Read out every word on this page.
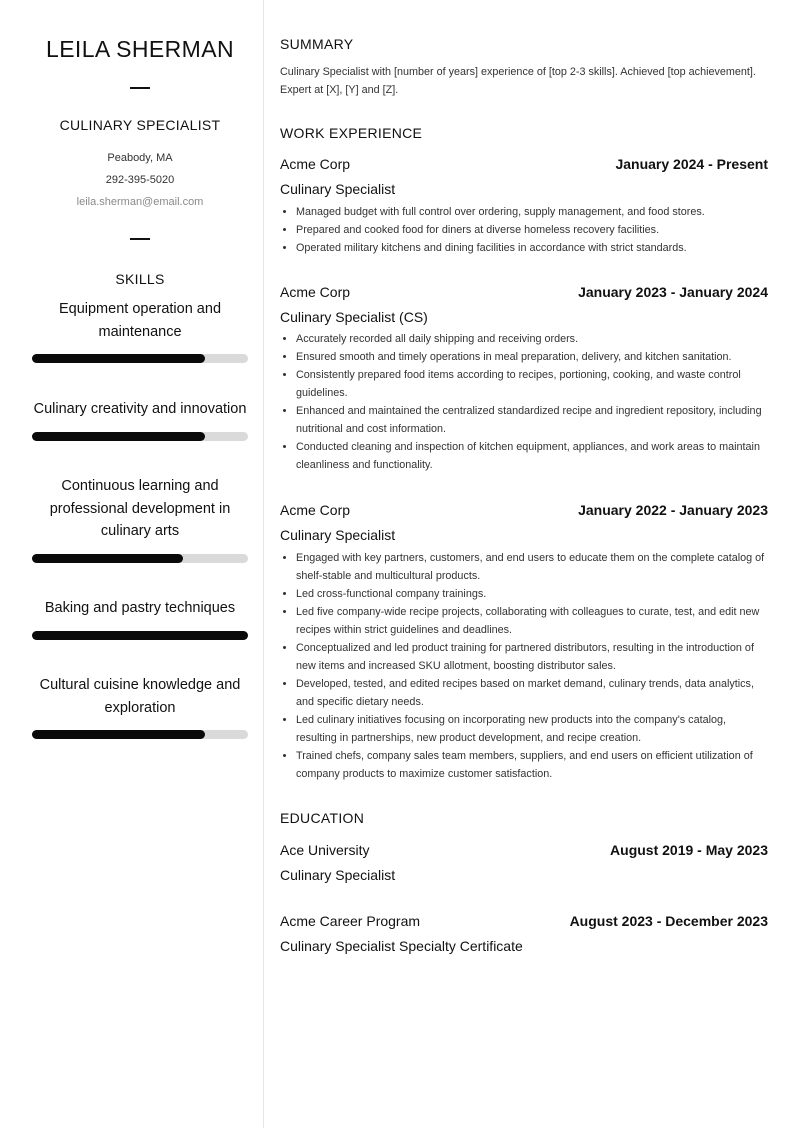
LEILA SHERMAN
CULINARY SPECIALIST
Peabody, MA
292-395-5020
leila.sherman@email.com
SKILLS
Equipment operation and maintenance
Culinary creativity and innovation
Continuous learning and professional development in culinary arts
Baking and pastry techniques
Cultural cuisine knowledge and exploration
SUMMARY
Culinary Specialist with [number of years] experience of [top 2-3 skills]. Achieved [top achievement]. Expert at [X], [Y] and [Z].
WORK EXPERIENCE
Acme Corp	January 2024 - Present
Culinary Specialist
• Managed budget with full control over ordering, supply management, and food stores.
• Prepared and cooked food for diners at diverse homeless recovery facilities.
• Operated military kitchens and dining facilities in accordance with strict standards.
Acme Corp	January 2023 - January 2024
Culinary Specialist (CS)
• Accurately recorded all daily shipping and receiving orders.
• Ensured smooth and timely operations in meal preparation, delivery, and kitchen sanitation.
• Consistently prepared food items according to recipes, portioning, cooking, and waste control guidelines.
• Enhanced and maintained the centralized standardized recipe and ingredient repository, including nutritional and cost information.
• Conducted cleaning and inspection of kitchen equipment, appliances, and work areas to maintain cleanliness and functionality.
Acme Corp	January 2022 - January 2023
Culinary Specialist
• Engaged with key partners, customers, and end users to educate them on the complete catalog of shelf-stable and multicultural products.
• Led cross-functional company trainings.
• Led five company-wide recipe projects, collaborating with colleagues to curate, test, and edit new recipes within strict guidelines and deadlines.
• Conceptualized and led product training for partnered distributors, resulting in the introduction of new items and increased SKU allotment, boosting distributor sales.
• Developed, tested, and edited recipes based on market demand, culinary trends, data analytics, and specific dietary needs.
• Led culinary initiatives focusing on incorporating new products into the company's catalog, resulting in partnerships, new product development, and recipe creation.
• Trained chefs, company sales team members, suppliers, and end users on efficient utilization of company products to maximize customer satisfaction.
EDUCATION
Ace University	August 2019 - May 2023
Culinary Specialist
Acme Career Program	August 2023 - December 2023
Culinary Specialist Specialty Certificate
